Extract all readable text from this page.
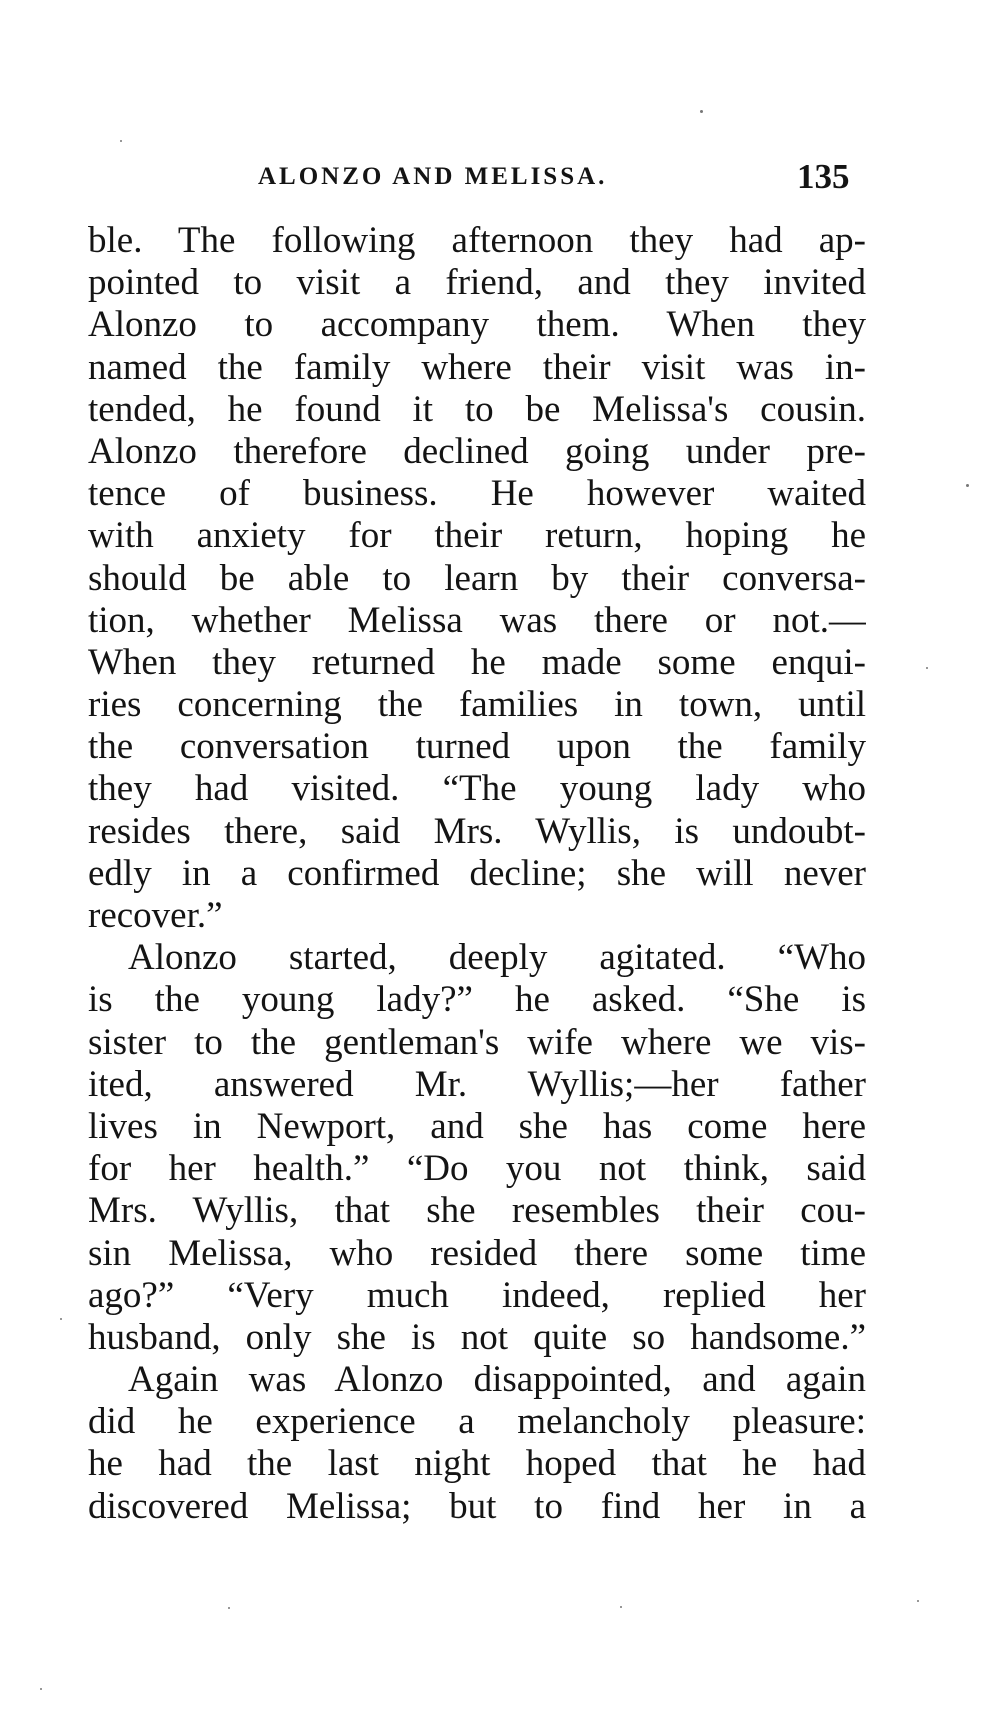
ALONZO AND MELISSA.	135
ble. The following afternoon they had ap-
pointed to visit a friend, and they invited
Alonzo to accompany them. When they
named the family where their visit was in-
tended, he found it to be Melissa's cousin.
Alonzo therefore declined going under pre-
tence of business. He however waited
with anxiety for their return, hoping he
should be able to learn by their conversa-
tion, whether Melissa was there or not.—
When they returned he made some enqui-
ries concerning the families in town, until
the conversation turned upon the family
they had visited. “The young lady who
resides there, said Mrs. Wyllis, is undoubt-
edly in a confirmed decline; she will never
recover.”
Alonzo started, deeply agitated. “Who
is the young lady?” he asked. “She is
sister to the gentleman's wife where we vis-
ited, answered Mr. Wyllis;—her father
lives in Newport, and she has come here
for her health.” “Do you not think, said
Mrs. Wyllis, that she resembles their cou-
sin Melissa, who resided there some time
ago?” “Very much indeed, replied her
husband, only she is not quite so handsome.”
Again was Alonzo disappointed, and again
did he experience a melancholy pleasure:
he had the last night hoped that he had
discovered Melissa; but to find her in a
